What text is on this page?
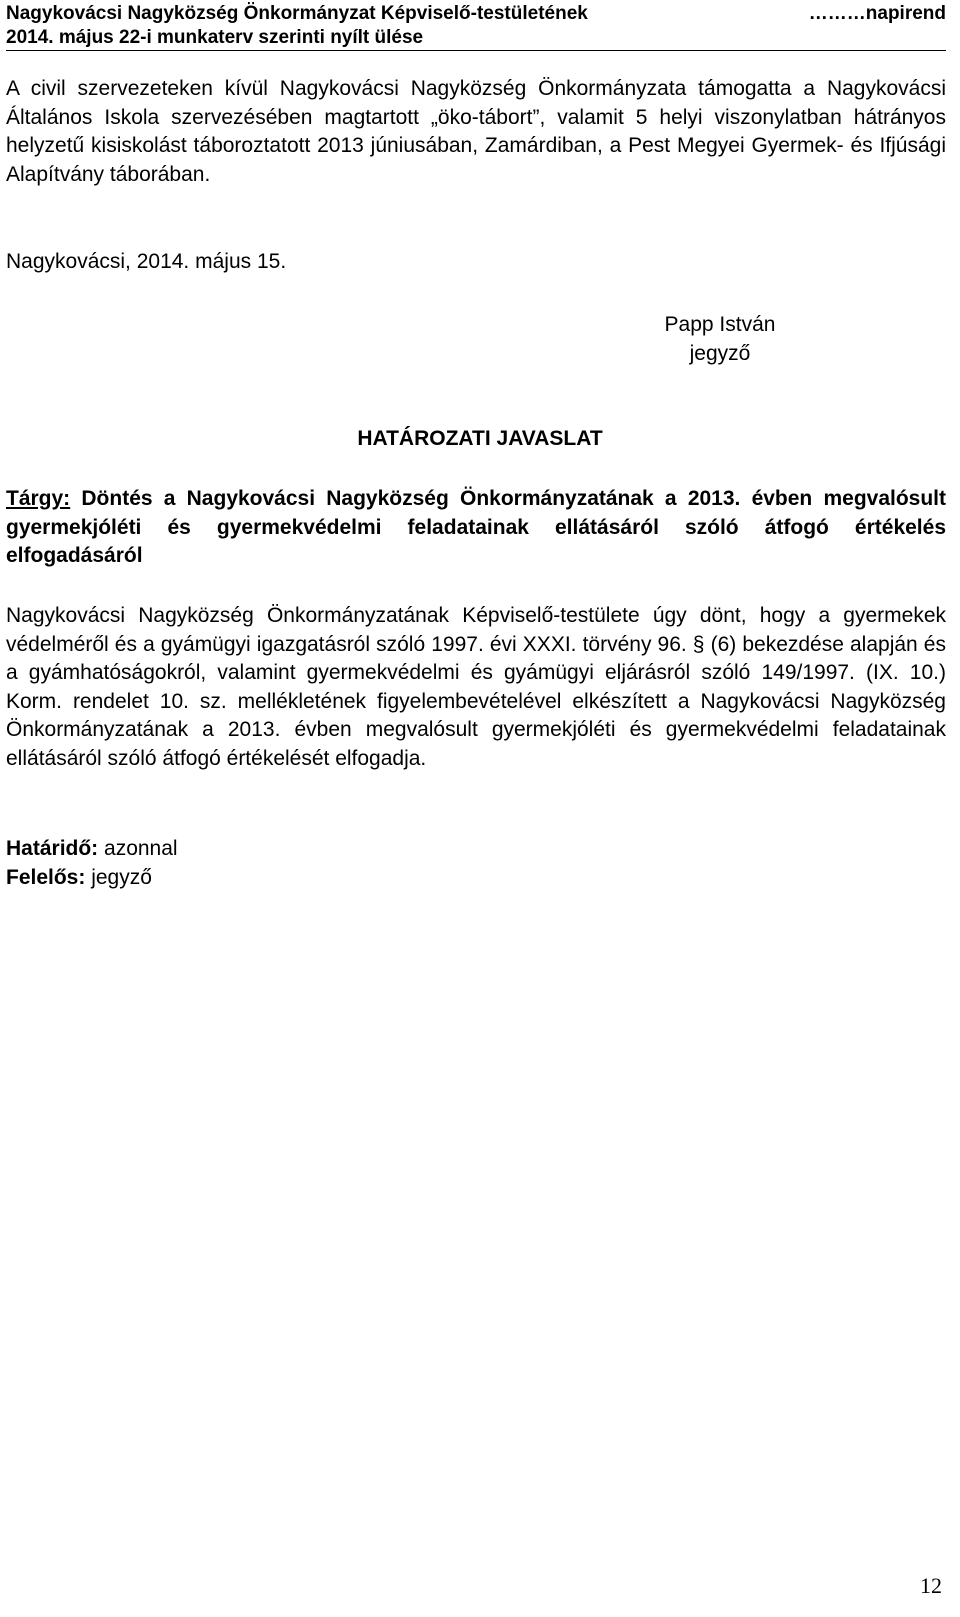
Nagykovácsi Nagyközség Önkormányzat Képviselő-testületének
2014. május 22-i munkaterv szerinti nyílt ülése
………napirend
A civil szervezeteken kívül Nagykovácsi Nagyközség Önkormányzata támogatta a Nagykovácsi Általános Iskola szervezésében magtartott „öko-tábort”, valamit 5 helyi viszonylatban hátrányos helyzetű kisiskolást táboroztatott 2013 júniusában, Zamárdiban, a Pest Megyei Gyermek- és Ifjúsági Alapítvány táborában.
Nagykovácsi, 2014. május 15.
Papp István
jegyző
HATÁROZATI JAVASLAT
Tárgy: Döntés a Nagykovácsi Nagyközség Önkormányzatának a 2013. évben megvalósult gyermekjóléti és gyermekvédelmi feladatainak ellátásáról szóló átfogó értékelés elfogadásáról
Nagykovácsi Nagyközség Önkormányzatának Képviselő-testülete úgy dönt, hogy a gyermekek védelméről és a gyámügyi igazgatásról szóló 1997. évi XXXI. törvény 96. § (6) bekezdése alapján és a gyámhatóságokról, valamint gyermekvédelmi és gyámügyi eljárásról szóló 149/1997. (IX. 10.) Korm. rendelet 10. sz. mellékletének figyelembevételével elkészített a Nagykovácsi Nagyközség Önkormányzatának a 2013. évben megvalósult gyermekjóléti és gyermekvédelmi feladatainak ellátásáról szóló átfogó értékelését elfogadja.
Határidő: azonnal
Felelős: jegyző
12
